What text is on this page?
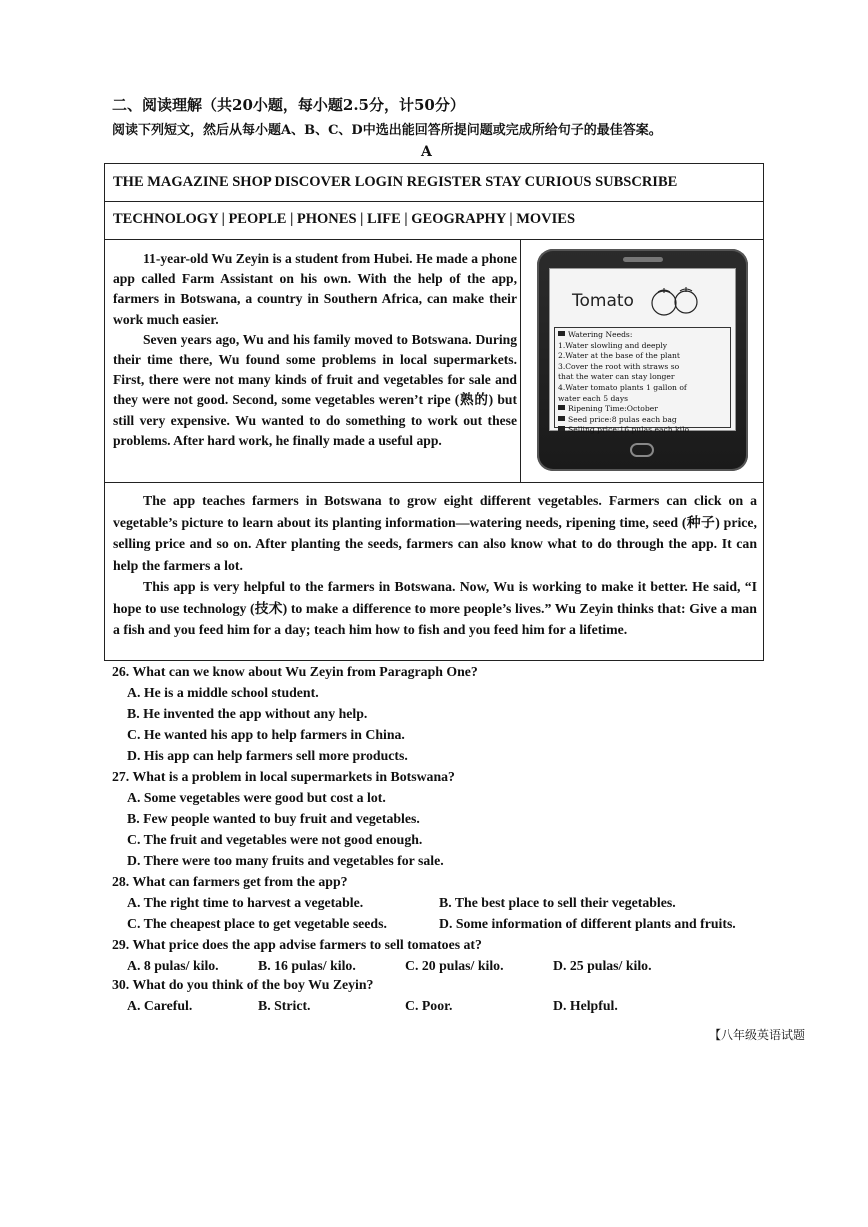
二、阅读理解（共20小题，每小题2.5分，计50分）
阅读下列短文，然后从每小题A、B、C、D中选出能回答所提问题或完成所给句子的最佳答案。
A
THE MAGAZINE SHOP DISCOVER LOGIN REGISTER STAY CURIOUS SUBSCRIBE
TECHNOLOGY | PEOPLE | PHONES | LIFE | GEOGRAPHY | MOVIES

11-year-old Wu Zeyin is a student from Hubei. He made a phone app called Farm Assistant on his own. With the help of the app, farmers in Botswana, a country in Southern Africa, can make their work much easier.

Seven years ago, Wu and his family moved to Botswana. During their time there, Wu found some problems in local supermarkets. First, there were not many kinds of fruit and vegetables for sale and they were not good. Second, some vegetables weren’t ripe (熟的) but still very expensive. Wu wanted to do something to work out these problems. After hard work, he finally made a useful app.

Tomato
Watering Needs:
1.Water slowling and deeply
2.Water at the base of the plant
3.Cover the root with straws so
that the water can stay longer
4.Water tomato plants 1 gallon of
water each 5 days
Ripening Time:October
Seed price:8 pulas each bag
Selling price:16 pulas each kilo

The app teaches farmers in Botswana to grow eight different vegetables. Farmers can click on a vegetable’s picture to learn about its planting information—watering needs, ripening time, seed (种子) price, selling price and so on. After planting the seeds, farmers can also know what to do through the app. It can help the farmers a lot.

This app is very helpful to the farmers in Botswana. Now, Wu is working to make it better. He said, “I hope to use technology (技术) to make a difference to more people’s lives.” Wu Zeyin thinks that: Give a man a fish and you feed him for a day; teach him how to fish and you feed him for a lifetime.

26. What can we know about Wu Zeyin from Paragraph One?
A. He is a middle school student.
B. He invented the app without any help.
C. He wanted his app to help farmers in China.
D. His app can help farmers sell more products.
27. What is a problem in local supermarkets in Botswana?
A. Some vegetables were good but cost a lot.
B. Few people wanted to buy fruit and vegetables.
C. The fruit and vegetables were not good enough.
D. There were too many fruits and vegetables for sale.
28. What can farmers get from the app?
A. The right time to harvest a vegetable.	B. The best place to sell their vegetables.
C. The cheapest place to get vegetable seeds.	D. Some information of different plants and fruits.
29. What price does the app advise farmers to sell tomatoes at?
A. 8 pulas/ kilo.	B. 16 pulas/ kilo.	C. 20 pulas/ kilo.	D. 25 pulas/ kilo.
30. What do you think of the boy Wu Zeyin?
A. Careful.	B. Strict.	C. Poor.	D. Helpful.
【八年级英语试题
